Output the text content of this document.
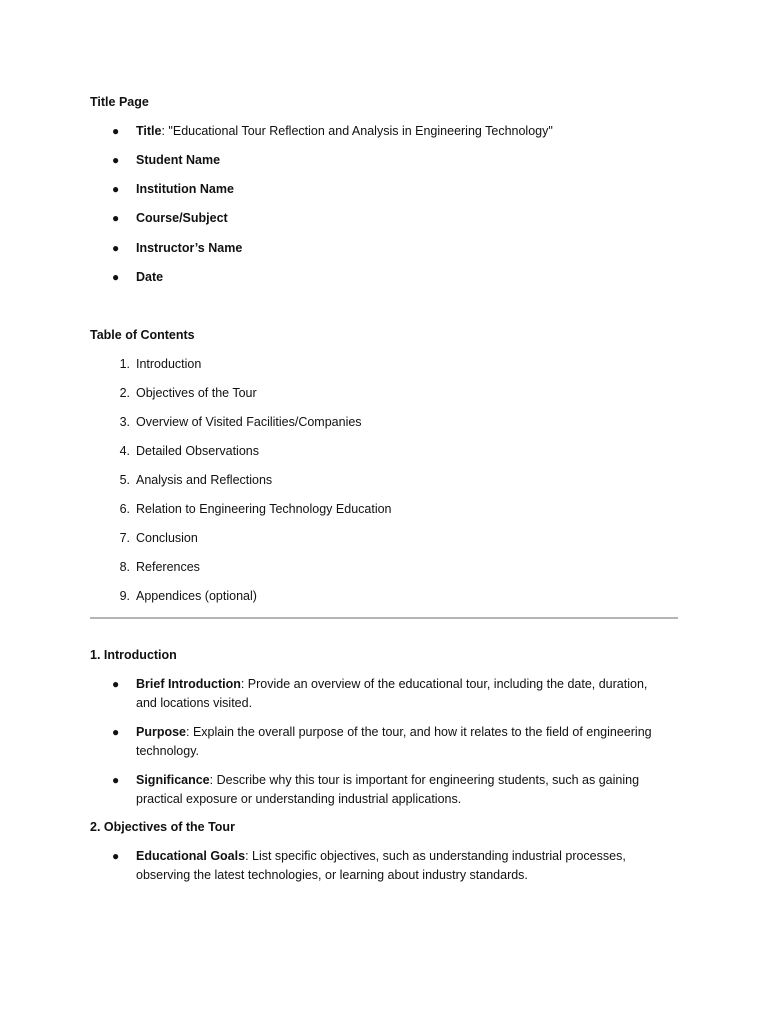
Title Page
●	Title: "Educational Tour Reflection and Analysis in Engineering Technology"
●	Student Name
●	Institution Name
●	Course/Subject
●	Instructor’s Name
●	Date
Table of Contents
1. Introduction
2. Objectives of the Tour
3. Overview of Visited Facilities/Companies
4. Detailed Observations
5. Analysis and Reflections
6. Relation to Engineering Technology Education
7. Conclusion
8. References
9. Appendices (optional)
1. Introduction
●	Brief Introduction: Provide an overview of the educational tour, including the date, duration, and locations visited.
●	Purpose: Explain the overall purpose of the tour, and how it relates to the field of engineering technology.
●	Significance: Describe why this tour is important for engineering students, such as gaining practical exposure or understanding industrial applications.
2. Objectives of the Tour
●	Educational Goals: List specific objectives, such as understanding industrial processes, observing the latest technologies, or learning about industry standards.
